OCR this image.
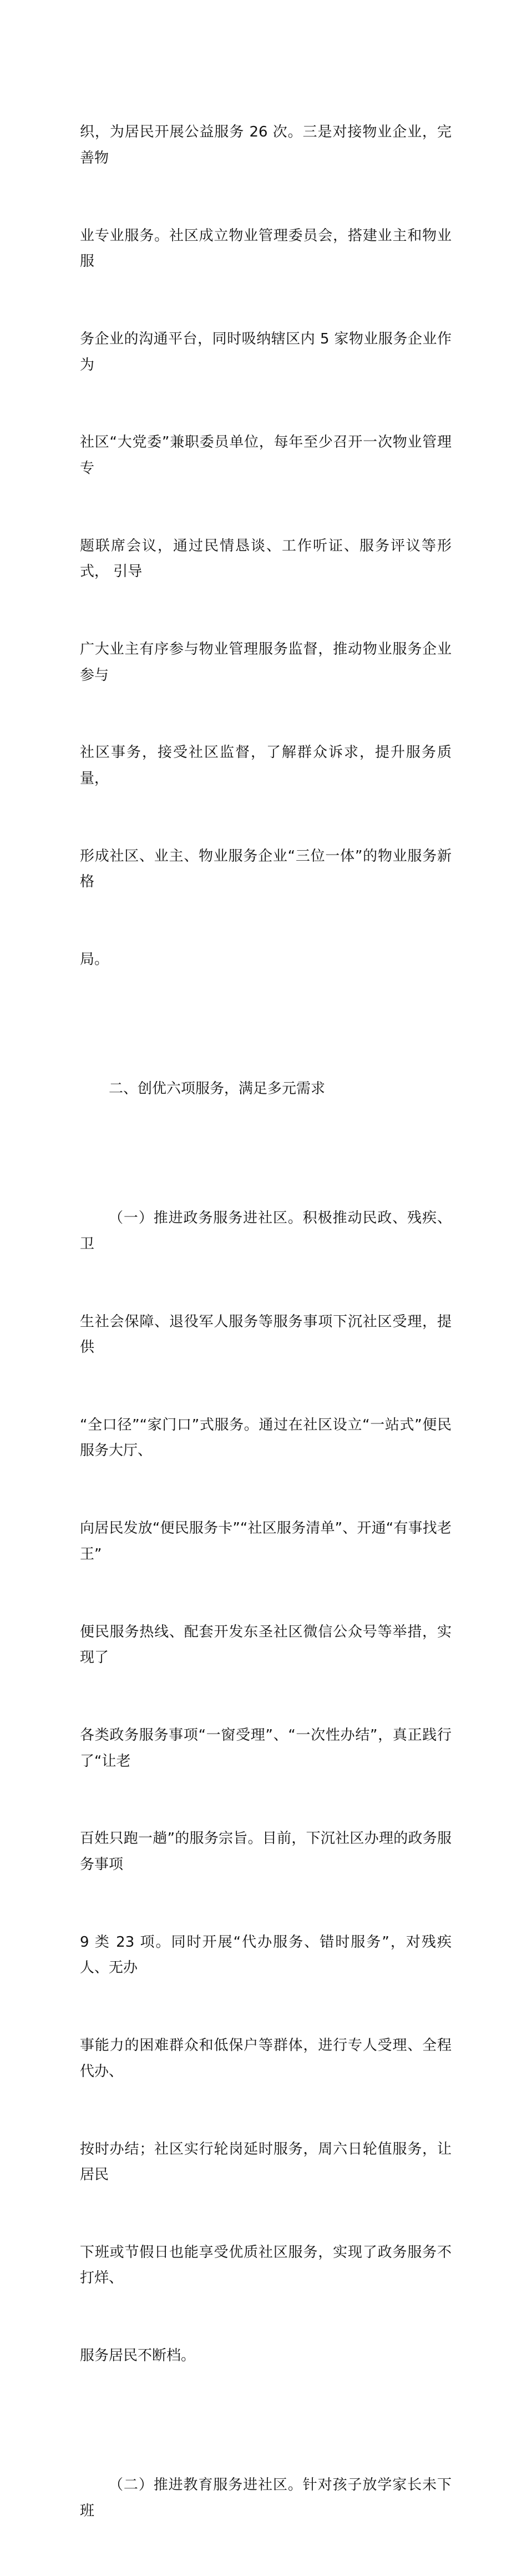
织，为居民开展公益服务 26 次。三是对接物业企业，完善物

业专业服务。社区成立物业管理委员会，搭建业主和物业服

务企业的沟通平台，同时吸纳辖区内 5 家物业服务企业作为

社区“大党委”兼职委员单位，每年至少召开一次物业管理专

题联席会议，通过民情恳谈、工作听证、服务评议等形式， 引导

广大业主有序参与物业管理服务监督，推动物业服务企业参与

社区事务，接受社区监督，了解群众诉求，提升服务质量，

形成社区、业主、物业服务企业“三位一体”的物业服务新格

局。

二、创优六项服务，满足多元需求

（一）推进政务服务进社区。积极推动民政、残疾、卫

生社会保障、退役军人服务等服务事项下沉社区受理，提供

“全口径”“家门口”式服务。通过在社区设立“一站式”便民服务大厅、

向居民发放“便民服务卡”“社区服务清单”、开通“有事找老王”

便民服务热线、配套开发东圣社区微信公众号等举措，实现了

各类政务服务事项“一窗受理”、“一次性办结”，真正践行了“让老

百姓只跑一趟”的服务宗旨。目前，下沉社区办理的政务服务事项

9 类 23 项。同时开展“代办服务、错时服务”，对残疾人、无办

事能力的困难群众和低保户等群体，进行专人受理、全程代办、

按时办结；社区实行轮岗延时服务，周六日轮值服务，让居民

下班或节假日也能享受优质社区服务，实现了政务服务不打烊、

服务居民不断档。

（二）推进教育服务进社区。针对孩子放学家长未下班
